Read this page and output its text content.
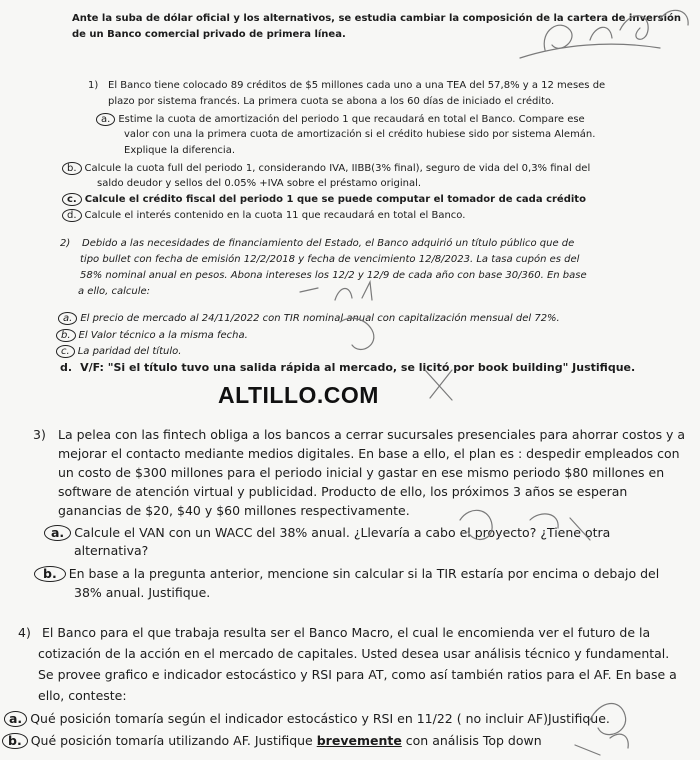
Ante la suba de dólar oficial y los alternativos, se estudia cambiar la composición de la cartera de inversión
de un Banco comercial privado de primera línea.
1) El Banco tiene colocado 89 créditos de $5 millones cada uno a una TEA del 57,8% y a 12 meses de
plazo por sistema francés. La primera cuota se abona a los 60 días de iniciado el crédito.
a. Estime la cuota de amortización del periodo 1 que recaudará en total el Banco. Compare ese
valor con una la primera cuota de amortización si el crédito hubiese sido por sistema Alemán.
Explique la diferencia.
b. Calcule la cuota full del periodo 1, considerando IVA, IIBB(3% final), seguro de vida del 0,3% final del
saldo deudor y sellos del 0.05% +IVA sobre el préstamo original.
c. Calcule el crédito fiscal del periodo 1 que se puede computar el tomador de cada crédito
d. Calcule el interés contenido en la cuota 11 que recaudará en total el Banco.
2) Debido a las necesidades de financiamiento del Estado, el Banco adquirió un título público que de
tipo bullet con fecha de emisión 12/2/2018 y fecha de vencimiento 12/8/2023. La tasa cupón es del
58% nominal anual en pesos. Abona intereses los 12/2 y 12/9 de cada año con base 30/360. En base
a ello, calcule:
a. El precio de mercado al 24/11/2022 con TIR nominal anual con capitalización mensual del 72%.
b. El Valor técnico a la misma fecha.
c. La paridad del título.
d. V/F: "Si el título tuvo una salida rápida al mercado, se licitó por book building" Justifique.
ALTILLO.COM
3) La pelea con las fintech obliga a los bancos a cerrar sucursales presenciales para ahorrar costos y a
mejorar el contacto mediante medios digitales. En base a ello, el plan es : despedir empleados con
un costo de $300 millones para el periodo inicial y gastar en ese mismo periodo $80 millones en
software de atención virtual y publicidad. Producto de ello, los próximos 3 años se esperan
ganancias de $20, $40 y $60 millones respectivamente.
a. Calcule el VAN con un WACC del 38% anual. ¿Llevaría a cabo el proyecto? ¿Tiene otra
alternativa?
b. En base a la pregunta anterior, mencione sin calcular si la TIR estaría por encima o debajo del
38% anual. Justifique.
4) El Banco para el que trabaja resulta ser el Banco Macro, el cual le encomienda ver el futuro de la
cotización de la acción en el mercado de capitales. Usted desea usar análisis técnico y fundamental.
Se provee grafico e indicador estocástico y RSI para AT, como así también ratios para el AF. En base a
ello, conteste:
a. Qué posición tomaría según el indicador estocástico y RSI en 11/22 ( no incluir AF)Justifique.
b. Qué posición tomaría utilizando AF. Justifique brevemente con análisis Top down
